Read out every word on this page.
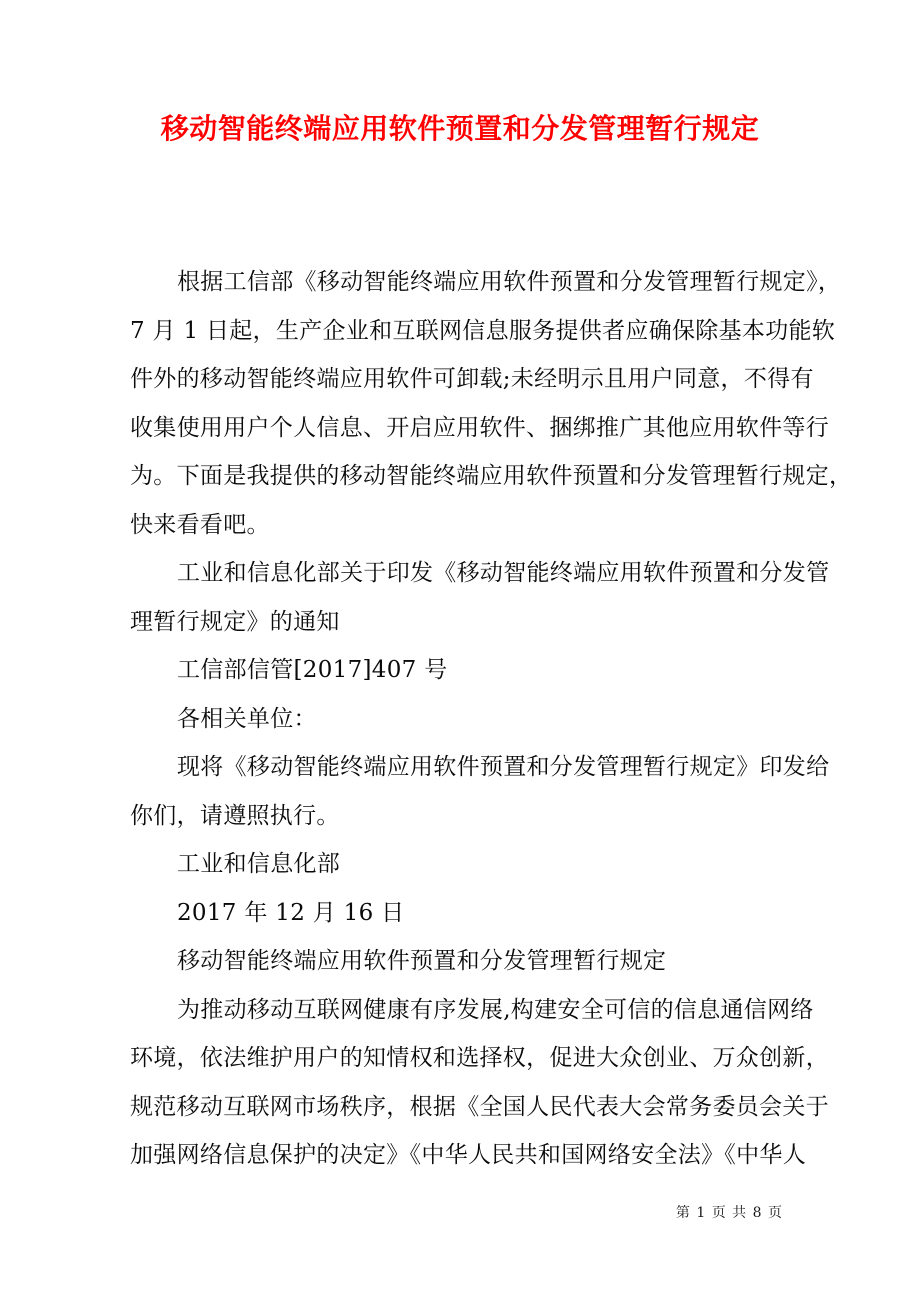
移动智能终端应用软件预置和分发管理暂行规定
根据工信部《移动智能终端应用软件预置和分发管理暂行规定》，
7 月 1 日起，生产企业和互联网信息服务提供者应确保除基本功能软
件外的移动智能终端应用软件可卸载;未经明示且用户同意，不得有
收集使用用户个人信息、开启应用软件、捆绑推广其他应用软件等行
为。下面是我提供的移动智能终端应用软件预置和分发管理暂行规定，
快来看看吧。
工业和信息化部关于印发《移动智能终端应用软件预置和分发管
理暂行规定》的通知
工信部信管[2017]407 号
各相关单位：
现将《移动智能终端应用软件预置和分发管理暂行规定》印发给
你们，请遵照执行。
工业和信息化部
2017 年 12 月 16 日
移动智能终端应用软件预置和分发管理暂行规定
为推动移动互联网健康有序发展,构建安全可信的信息通信网络
环境，依法维护用户的知情权和选择权，促进大众创业、万众创新，
规范移动互联网市场秩序，根据《全国人民代表大会常务委员会关于
加强网络信息保护的决定》《中华人民共和国网络安全法》《中华人
第 1 页 共 8 页
